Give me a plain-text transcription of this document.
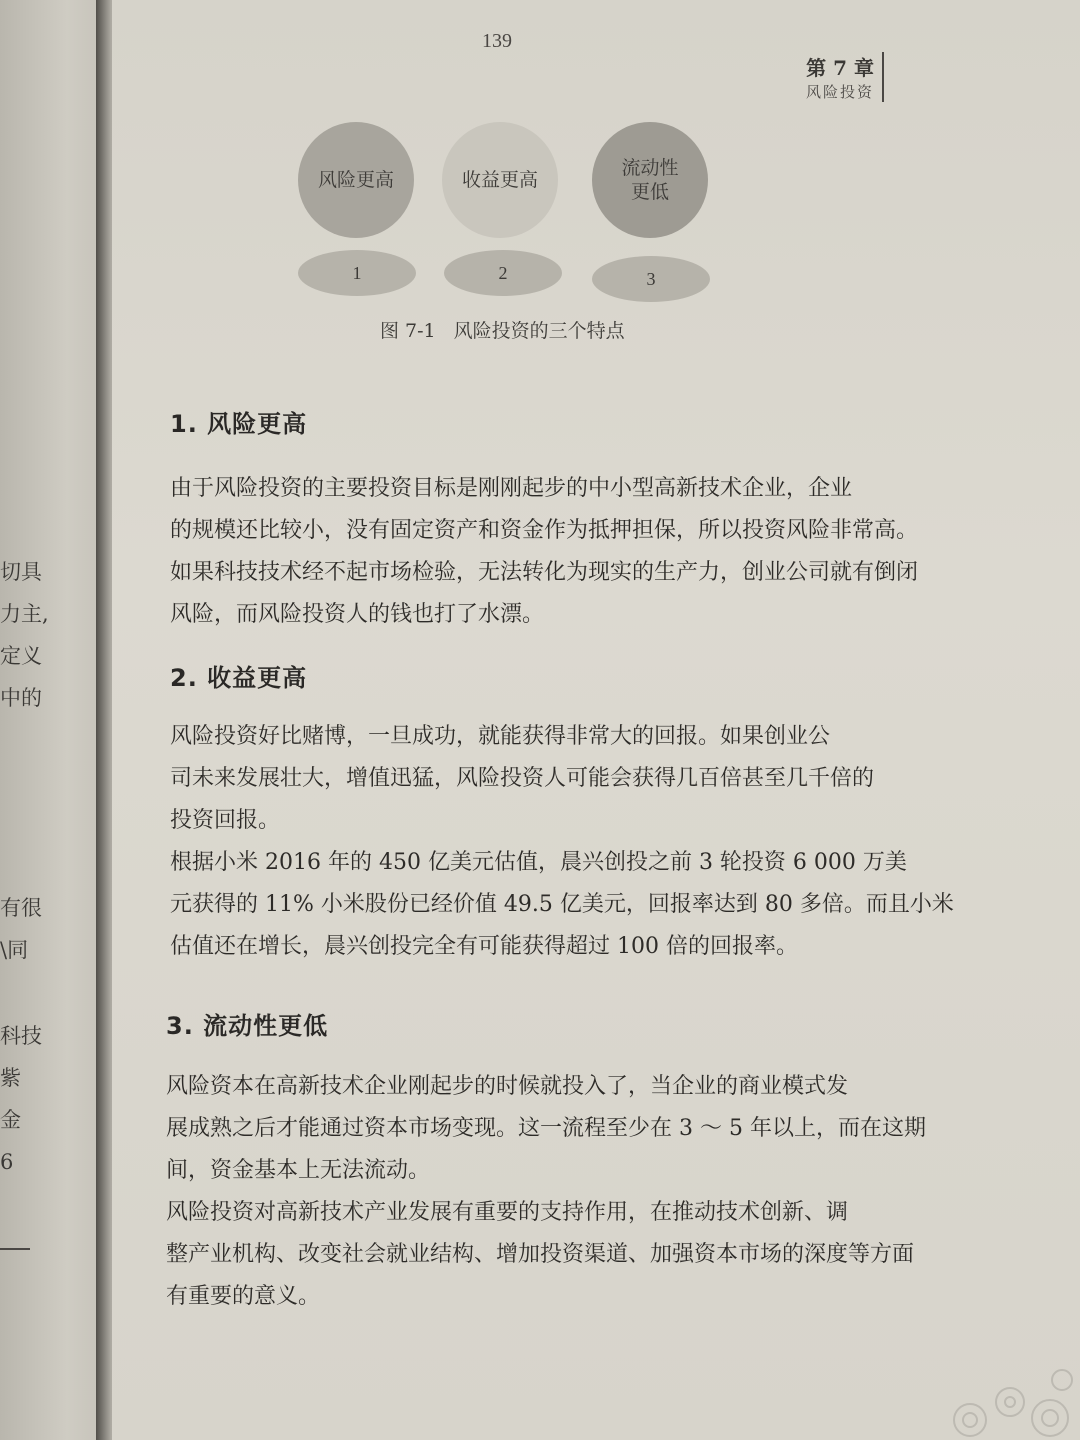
切具
力主,
定义
中的
有很
\同
科技
紫
金
6
139
第 7 章
风险投资
风险更高	收益更高
流动性
更低
1	2	3
图 7-1 风险投资的三个特点
1. 风险更高
由于风险投资的主要投资目标是刚刚起步的中小型高新技术企业，企业
的规模还比较小，没有固定资产和资金作为抵押担保，所以投资风险非常高。
如果科技技术经不起市场检验，无法转化为现实的生产力，创业公司就有倒闭
风险，而风险投资人的钱也打了水漂。
2. 收益更高
风险投资好比赌博，一旦成功，就能获得非常大的回报。如果创业公
司未来发展壮大，增值迅猛，风险投资人可能会获得几百倍甚至几千倍的
投资回报。
根据小米 2016 年的 450 亿美元估值，晨兴创投之前 3 轮投资 6 000 万美
元获得的 11% 小米股份已经价值 49.5 亿美元，回报率达到 80 多倍。而且小米
估值还在增长，晨兴创投完全有可能获得超过 100 倍的回报率。
3. 流动性更低
风险资本在高新技术企业刚起步的时候就投入了，当企业的商业模式发
展成熟之后才能通过资本市场变现。这一流程至少在 3 ～ 5 年以上，而在这期
间，资金基本上无法流动。
风险投资对高新技术产业发展有重要的支持作用，在推动技术创新、调
整产业机构、改变社会就业结构、增加投资渠道、加强资本市场的深度等方面
有重要的意义。
